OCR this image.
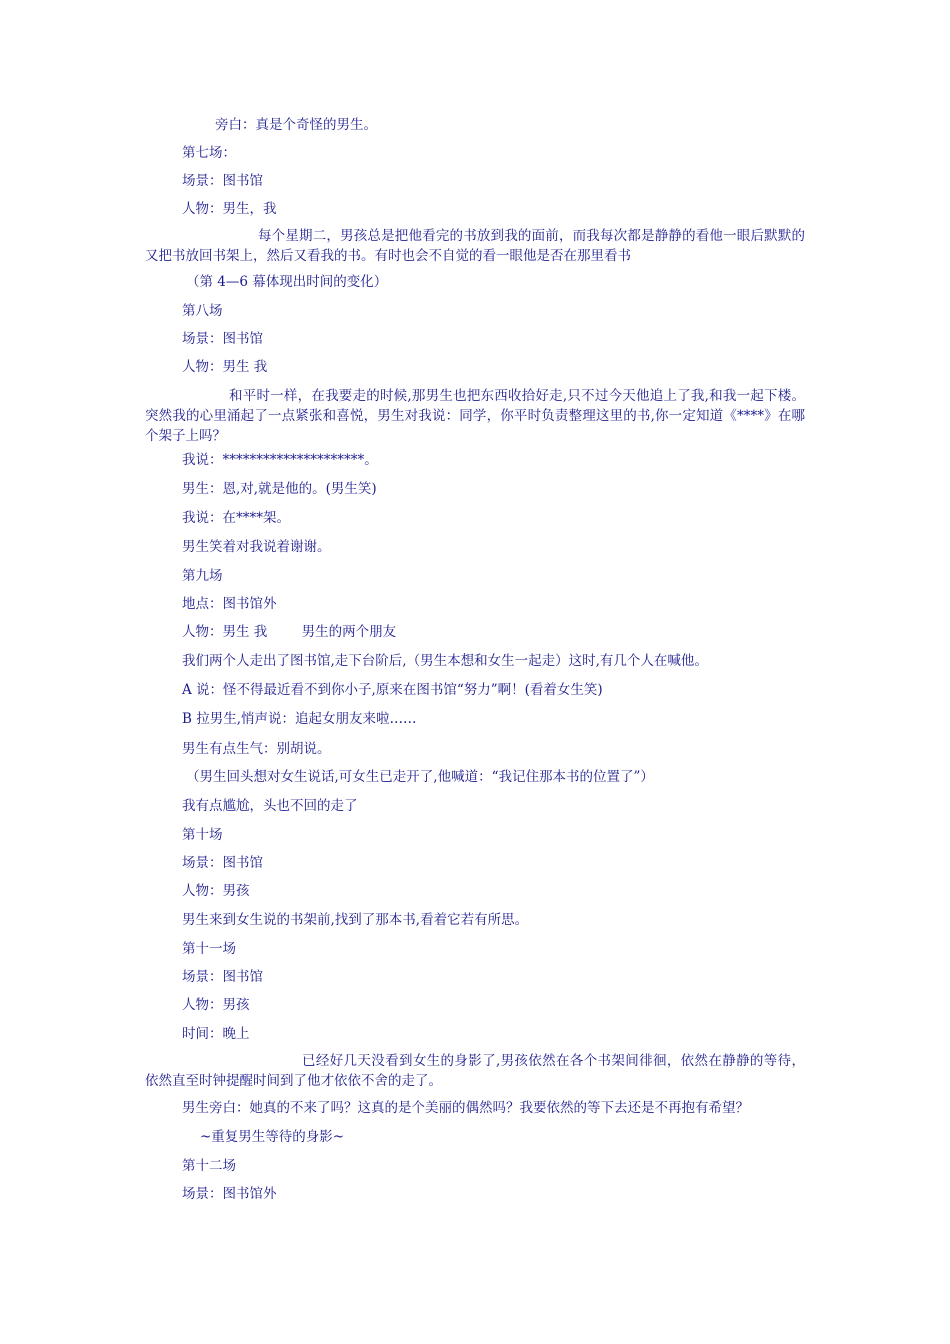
旁白：真是个奇怪的男生。

第七场：

场景：图书馆

人物：男生，我

每个星期二，男孩总是把他看完的书放到我的面前，而我每次都是静静的看他一眼后默默的又把书放回书架上，然后又看我的书。有时也会不自觉的看一眼他是否在那里看书

（第 4—6 幕体现出时间的变化）

第八场

场景：图书馆

人物：男生 我

和平时一样，在我要走的时候,那男生也把东西收拾好走,只不过今天他追上了我,和我一起下楼。突然我的心里涌起了一点紧张和喜悦，男生对我说：同学，你平时负责整理这里的书,你一定知道《****》在哪个架子上吗？

我说：*********************。

男生：恩,对,就是他的。(男生笑)

我说：在****架。

男生笑着对我说着谢谢。

第九场

地点：图书馆外

人物：男生 我        男生的两个朋友

我们两个人走出了图书馆,走下台阶后,（男生本想和女生一起走）这时,有几个人在喊他。

A 说：怪不得最近看不到你小子,原来在图书馆“努力”啊！(看着女生笑)

B 拉男生,悄声说：追起女朋友来啦……

男生有点生气：别胡说。

（男生回头想对女生说话,可女生已走开了,他喊道：“我记住那本书的位置了”）

我有点尴尬，头也不回的走了

第十场

场景：图书馆

人物：男孩

男生来到女生说的书架前,找到了那本书,看着它若有所思。

第十一场

场景：图书馆

人物：男孩

时间：晚上

已经好几天没看到女生的身影了,男孩依然在各个书架间徘徊，依然在静静的等待，依然直至时钟提醒时间到了他才依依不舍的走了。

男生旁白：她真的不来了吗？这真的是个美丽的偶然吗？我要依然的等下去还是不再抱有希望？

~重复男生等待的身影~

第十二场

场景：图书馆外
